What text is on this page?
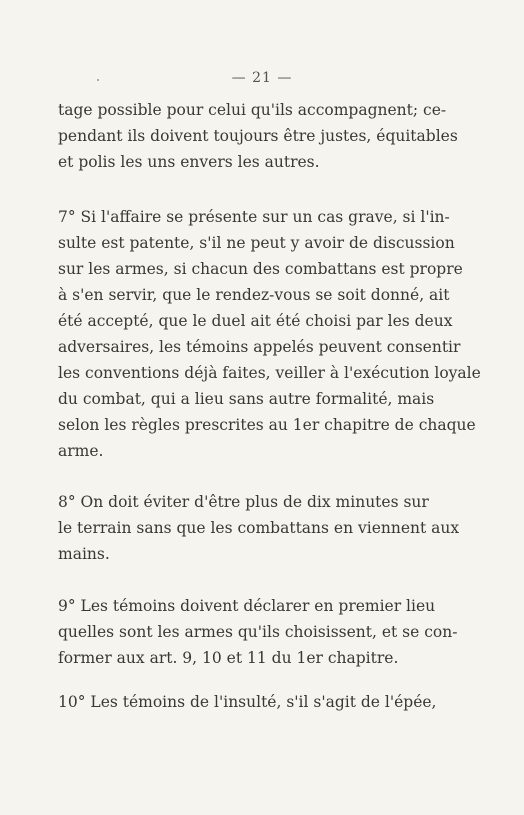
— 21 —
tage possible pour celui qu'ils accompagnent; ce-
pendant ils doivent toujours être justes, équitables
et polis les uns envers les autres.
7° Si l'affaire se présente sur un cas grave, si l'in-
sulte est patente, s'il ne peut y avoir de discussion
sur les armes, si chacun des combattans est propre
à s'en servir, que le rendez-vous se soit donné, ait
été accepté, que le duel ait été choisi par les deux
adversaires, les témoins appelés peuvent consentir
les conventions déjà faites, veiller à l'exécution loyale
du combat, qui a lieu sans autre formalité, mais
selon les règles prescrites au 1er chapitre de chaque
arme.
8° On doit éviter d'être plus de dix minutes sur
le terrain sans que les combattans en viennent aux
mains.
9° Les témoins doivent déclarer en premier lieu
quelles sont les armes qu'ils choisissent, et se con-
former aux art. 9, 10 et 11 du 1er chapitre.
10° Les témoins de l'insulté, s'il s'agit de l'épée,
